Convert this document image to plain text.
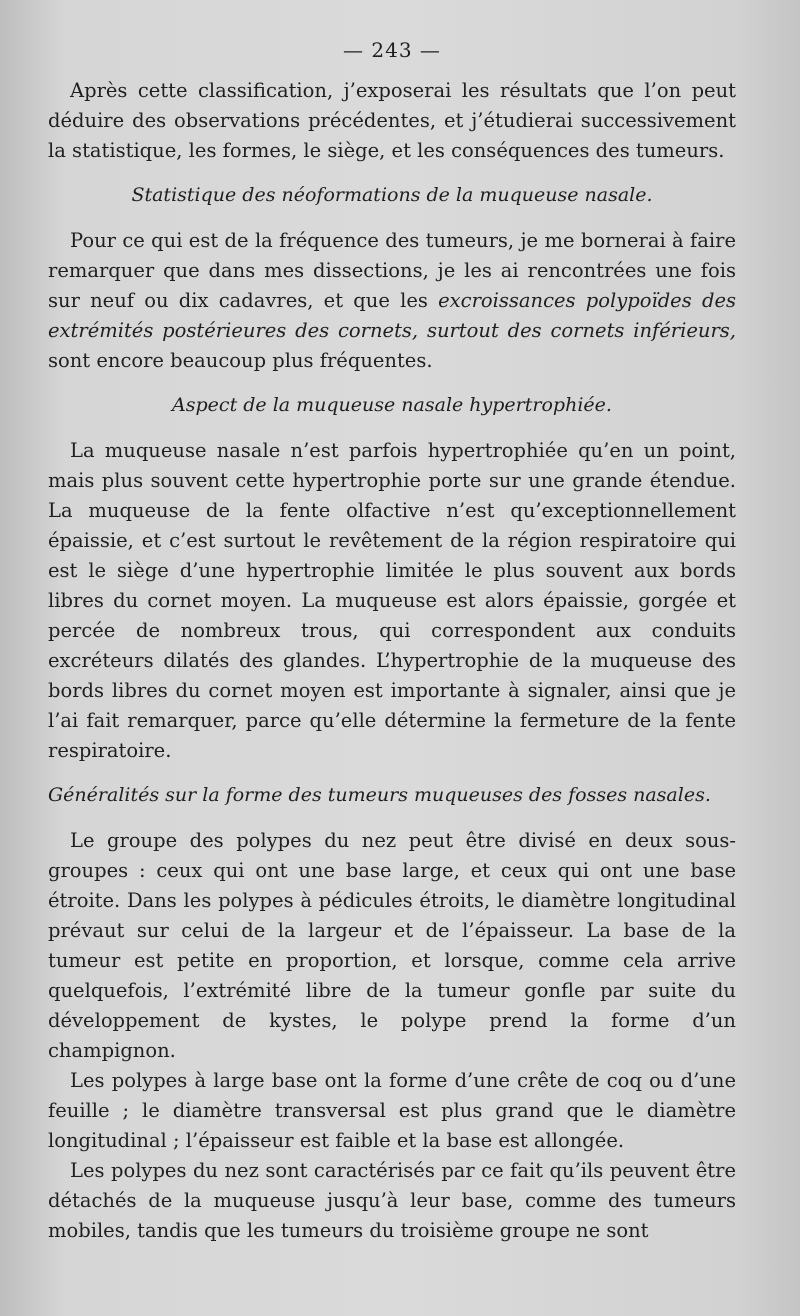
— 243 —

Après cette classification, j’exposerai les résultats que l’on peut déduire des observations précédentes, et j’étudierai successivement la statistique, les formes, le siège, et les conséquences des tumeurs.

Statistique des néoformations de la muqueuse nasale.

Pour ce qui est de la fréquence des tumeurs, je me bornerai à faire remarquer que dans mes dissections, je les ai rencontrées une fois sur neuf ou dix cadavres, et que les excroissances polypoïdes des extrémités postérieures des cornets, surtout des cornets inférieurs, sont encore beaucoup plus fréquentes.

Aspect de la muqueuse nasale hypertrophiée.

La muqueuse nasale n’est parfois hypertrophiée qu’en un point, mais plus souvent cette hypertrophie porte sur une grande étendue. La muqueuse de la fente olfactive n’est qu’exceptionnellement épaissie, et c’est surtout le revêtement de la région respiratoire qui est le siège d’une hypertrophie limitée le plus souvent aux bords libres du cornet moyen. La muqueuse est alors épaissie, gorgée et percée de nombreux trous, qui correspondent aux conduits excréteurs dilatés des glandes. L’hypertrophie de la muqueuse des bords libres du cornet moyen est importante à signaler, ainsi que je l’ai fait remarquer, parce qu’elle détermine la fermeture de la fente respiratoire.

Généralités sur la forme des tumeurs muqueuses des fosses nasales.

Le groupe des polypes du nez peut être divisé en deux sous-groupes : ceux qui ont une base large, et ceux qui ont une base étroite. Dans les polypes à pédicules étroits, le diamètre longitudinal prévaut sur celui de la largeur et de l’épaisseur. La base de la tumeur est petite en proportion, et lorsque, comme cela arrive quelquefois, l’extrémité libre de la tumeur gonfle par suite du développement de kystes, le polype prend la forme d’un champignon.

Les polypes à large base ont la forme d’une crête de coq ou d’une feuille ; le diamètre transversal est plus grand que le diamètre longitudinal ; l’épaisseur est faible et la base est allongée.

Les polypes du nez sont caractérisés par ce fait qu’ils peuvent être détachés de la muqueuse jusqu’à leur base, comme des tumeurs mobiles, tandis que les tumeurs du troisième groupe ne sont
